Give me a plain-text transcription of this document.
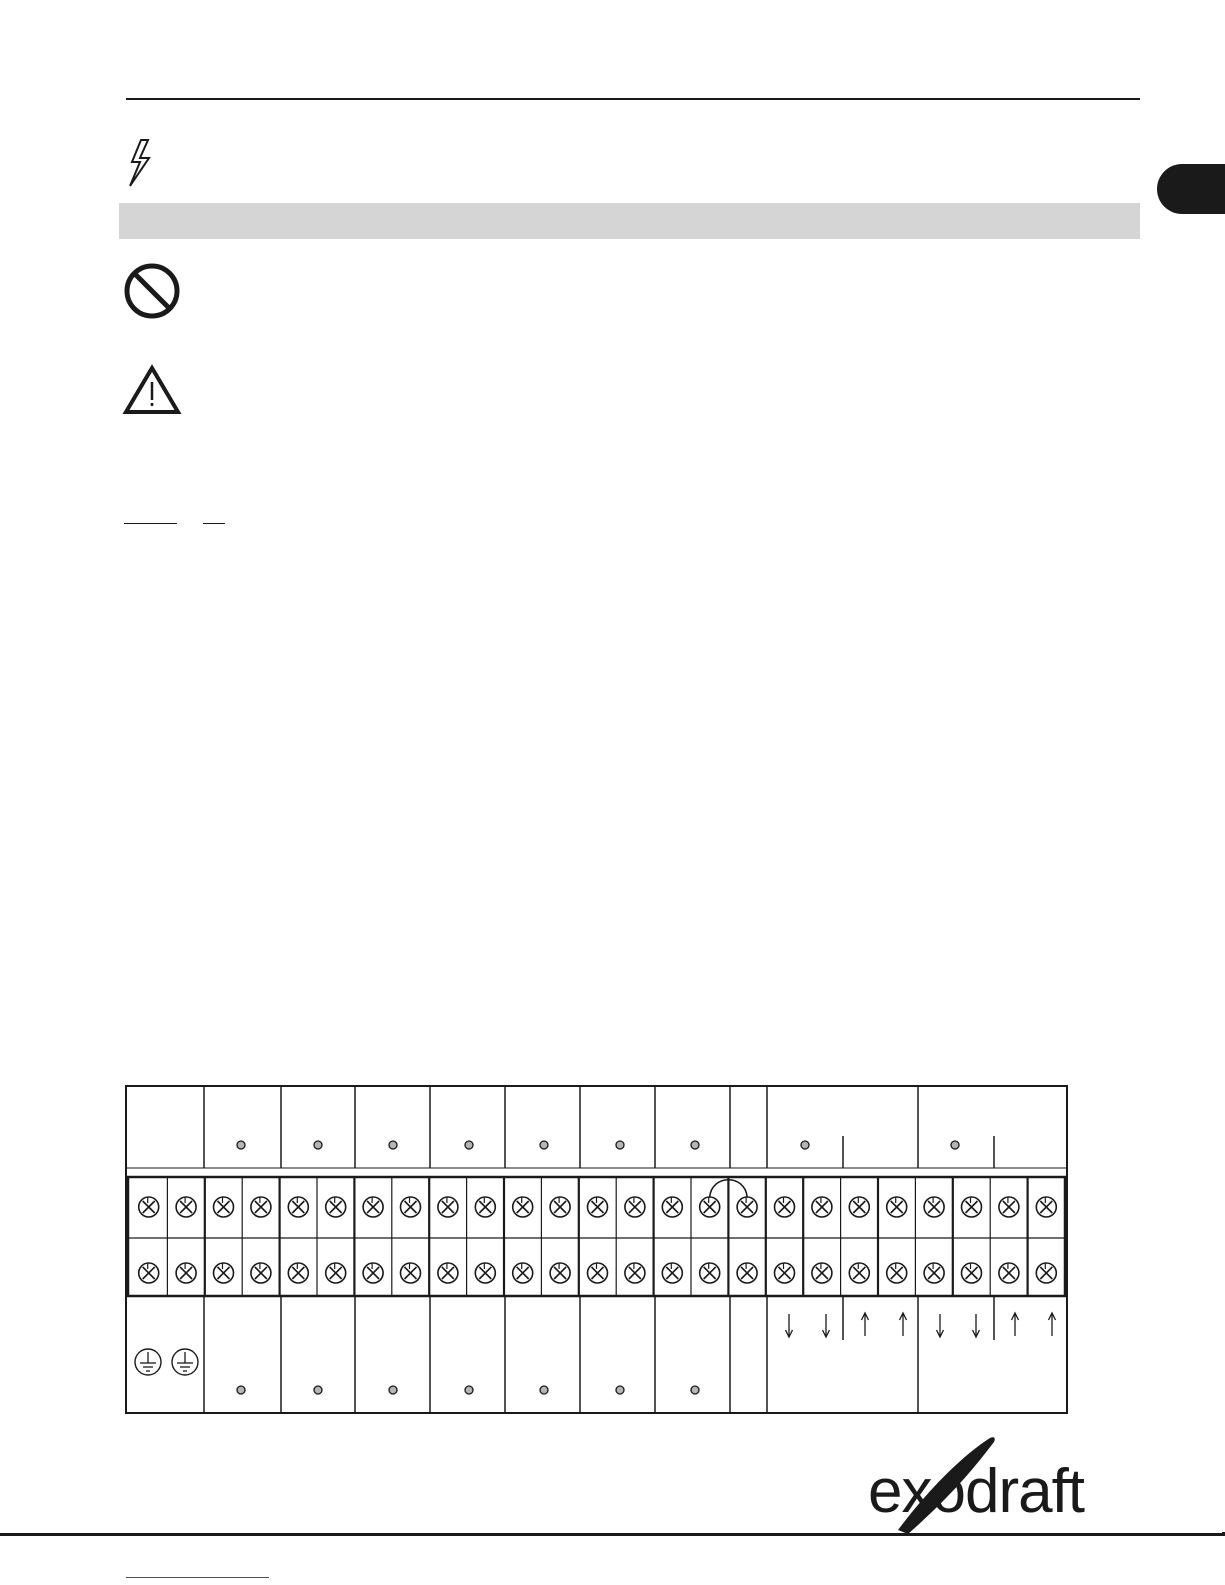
exodraft
